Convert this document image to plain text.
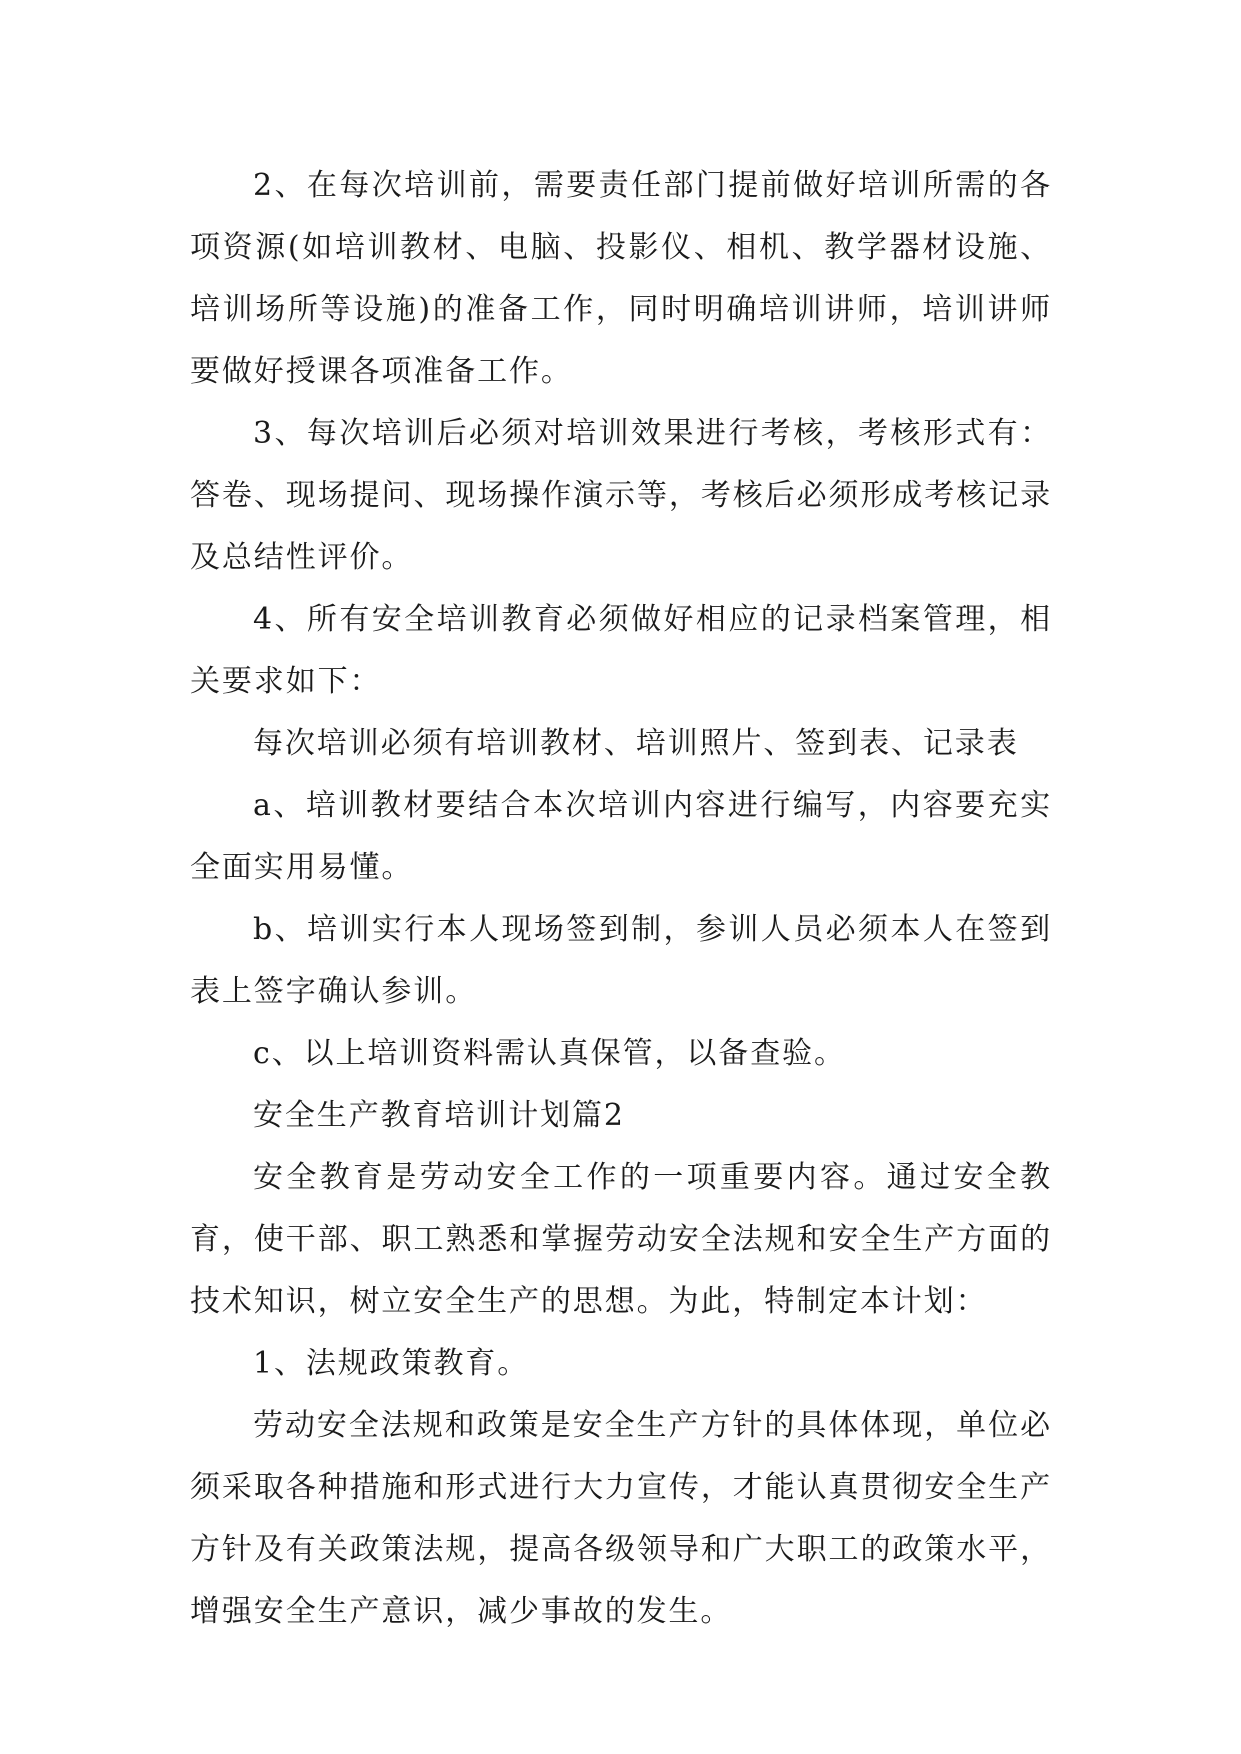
2、在每次培训前，需要责任部门提前做好培训所需的各项资源(如培训教材、电脑、投影仪、相机、教学器材设施、培训场所等设施)的准备工作，同时明确培训讲师，培训讲师要做好授课各项准备工作。

3、每次培训后必须对培训效果进行考核，考核形式有：答卷、现场提问、现场操作演示等，考核后必须形成考核记录及总结性评价。

4、所有安全培训教育必须做好相应的记录档案管理，相关要求如下：

每次培训必须有培训教材、培训照片、签到表、记录表

a、培训教材要结合本次培训内容进行编写，内容要充实全面实用易懂。

b、培训实行本人现场签到制，参训人员必须本人在签到表上签字确认参训。

c、以上培训资料需认真保管，以备查验。

安全生产教育培训计划篇2

安全教育是劳动安全工作的一项重要内容。通过安全教育，使干部、职工熟悉和掌握劳动安全法规和安全生产方面的技术知识，树立安全生产的思想。为此，特制定本计划：

1、法规政策教育。

劳动安全法规和政策是安全生产方针的具体体现，单位必须采取各种措施和形式进行大力宣传，才能认真贯彻安全生产方针及有关政策法规，提高各级领导和广大职工的政策水平，增强安全生产意识，减少事故的发生。
